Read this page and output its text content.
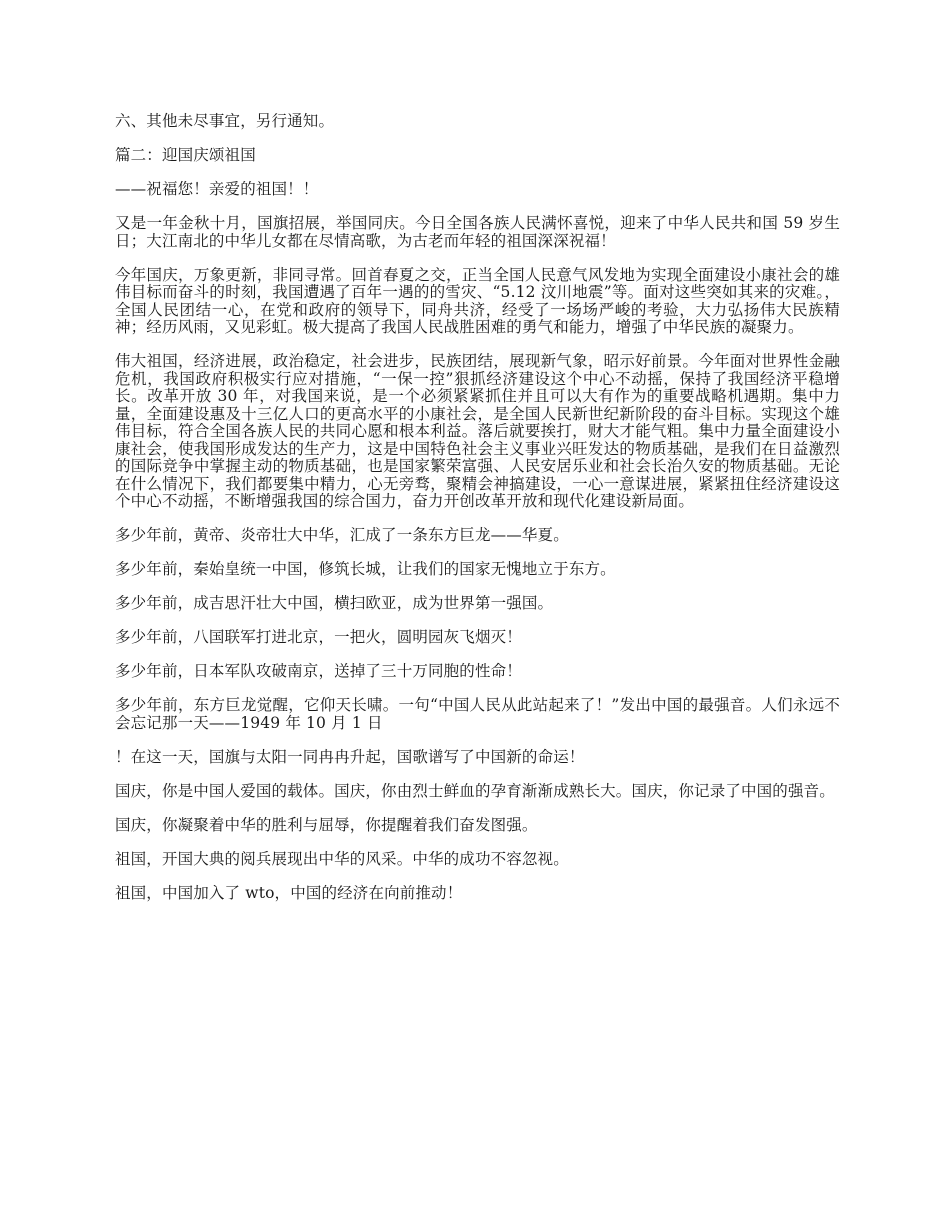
六、其他未尽事宜，另行通知。

篇二：迎国庆颂祖国

——祝福您！亲爱的祖国！！

又是一年金秋十月，国旗招展，举国同庆。今日全国各族人民满怀喜悦，迎来了中华人民共和国 59 岁生日；大江南北的中华儿女都在尽情高歌，为古老而年轻的祖国深深祝福！

今年国庆，万象更新，非同寻常。回首春夏之交，正当全国人民意气风发地为实现全面建设小康社会的雄伟目标而奋斗的时刻，我国遭遇了百年一遇的的雪灾、“5.12 汶川地震”等。面对这些突如其来的灾难。，全国人民团结一心，在党和政府的领导下，同舟共济，经受了一场场严峻的考验，大力弘扬伟大民族精神；经历风雨，又见彩虹。极大提高了我国人民战胜困难的勇气和能力，增强了中华民族的凝聚力。

伟大祖国，经济进展，政治稳定，社会进步，民族团结，展现新气象，昭示好前景。今年面对世界性金融危机，我国政府积极实行应对措施，“一保一控”狠抓经济建设这个中心不动摇，保持了我国经济平稳增长。改革开放 30 年，对我国来说，是一个必须紧紧抓住并且可以大有作为的重要战略机遇期。集中力量，全面建设惠及十三亿人口的更高水平的小康社会，是全国人民新世纪新阶段的奋斗目标。实现这个雄伟目标，符合全国各族人民的共同心愿和根本利益。落后就要挨打，财大才能气粗。集中力量全面建设小康社会，使我国形成发达的生产力，这是中国特色社会主义事业兴旺发达的物质基础，是我们在日益激烈的国际竞争中掌握主动的物质基础，也是国家繁荣富强、人民安居乐业和社会长治久安的物质基础。无论在什么情况下，我们都要集中精力，心无旁骛，聚精会神搞建设，一心一意谋进展，紧紧扭住经济建设这个中心不动摇，不断增强我国的综合国力，奋力开创改革开放和现代化建设新局面。

多少年前，黄帝、炎帝壮大中华，汇成了一条东方巨龙——华夏。

多少年前，秦始皇统一中国，修筑长城，让我们的国家无愧地立于东方。

多少年前，成吉思汗壮大中国，横扫欧亚，成为世界第一强国。

多少年前，八国联军打进北京，一把火，圆明园灰飞烟灭！

多少年前，日本军队攻破南京，送掉了三十万同胞的性命！

多少年前，东方巨龙觉醒，它仰天长啸。一句“中国人民从此站起来了！”发出中国的最强音。人们永远不会忘记那一天——1949 年 10 月 1 日

！在这一天，国旗与太阳一同冉冉升起，国歌谱写了中国新的命运！

国庆，你是中国人爱国的载体。国庆，你由烈士鲜血的孕育渐渐成熟长大。国庆，你记录了中国的强音。

国庆，你凝聚着中华的胜利与屈辱，你提醒着我们奋发图强。

祖国，开国大典的阅兵展现出中华的风采。中华的成功不容忽视。

祖国，中国加入了 wto，中国的经济在向前推动！
